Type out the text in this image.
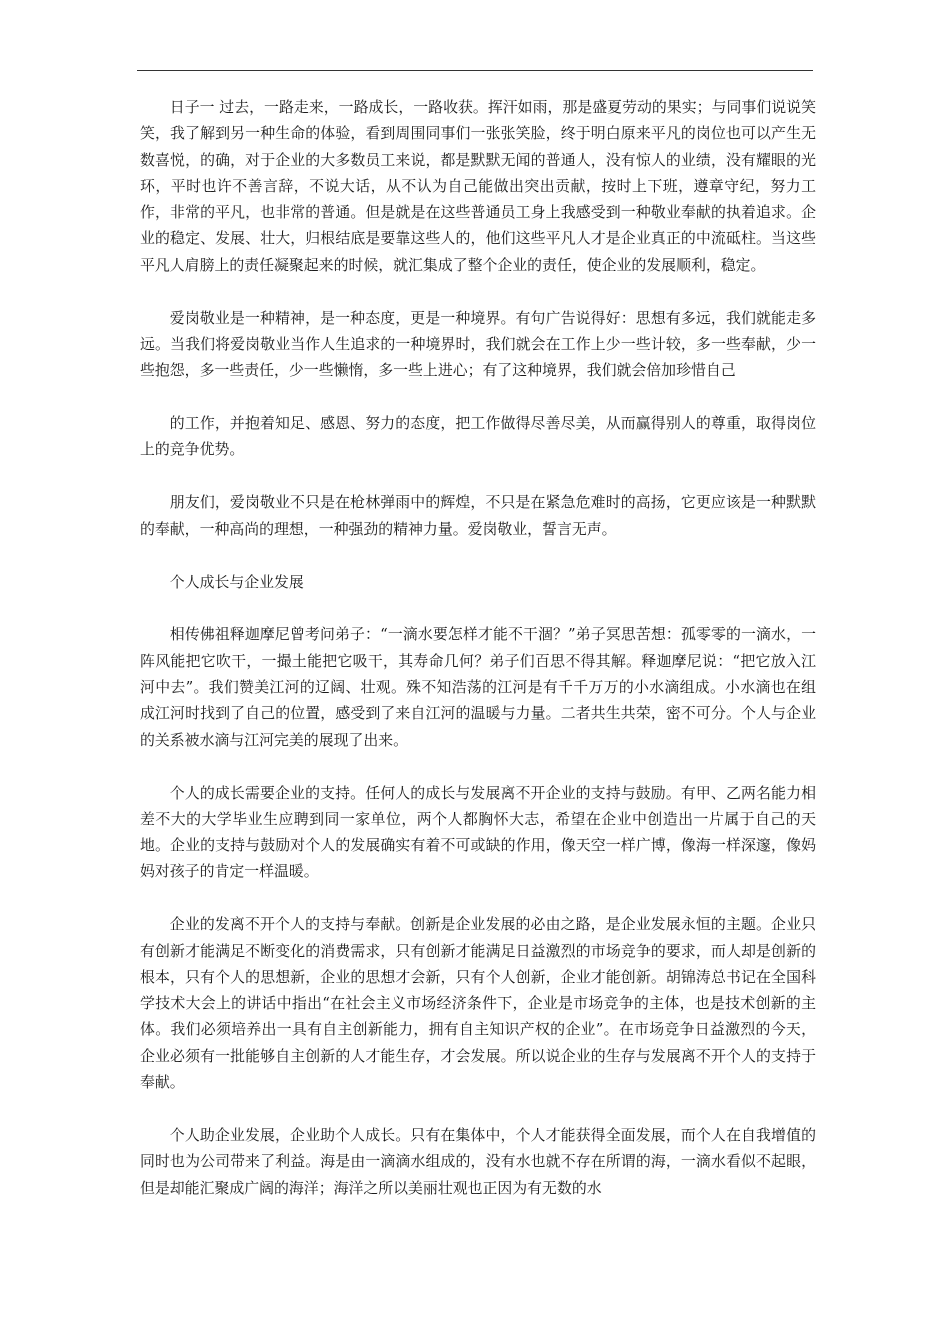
日子一 过去，一路走来，一路成长，一路收获。挥汗如雨，那是盛夏劳动的果实；与同事们说说笑笑，我了解到另一种生命的体验，看到周围同事们一张张笑脸，终于明白原来平凡的岗位也可以产生无数喜悦，的确，对于企业的大多数员工来说，都是默默无闻的普通人，没有惊人的业绩，没有耀眼的光环，平时也许不善言辞，不说大话，从不认为自己能做出突出贡献，按时上下班，遵章守纪，努力工作，非常的平凡，也非常的普通。但是就是在这些普通员工身上我感受到一种敬业奉献的执着追求。企业的稳定、发展、壮大，归根结底是要靠这些人的，他们这些平凡人才是企业真正的中流砥柱。当这些平凡人肩膀上的责任凝聚起来的时候，就汇集成了整个企业的责任，使企业的发展顺利，稳定。

爱岗敬业是一种精神，是一种态度，更是一种境界。有句广告说得好：思想有多远，我们就能走多远。当我们将爱岗敬业当作人生追求的一种境界时，我们就会在工作上少一些计较，多一些奉献，少一些抱怨，多一些责任，少一些懒惰，多一些上进心；有了这种境界，我们就会倍加珍惜自己

的工作，并抱着知足、感恩、努力的态度，把工作做得尽善尽美，从而赢得别人的尊重，取得岗位上的竞争优势。

朋友们，爱岗敬业不只是在枪林弹雨中的辉煌，不只是在紧急危难时的高扬，它更应该是一种默默的奉献，一种高尚的理想，一种强劲的精神力量。爱岗敬业，誓言无声。

个人成长与企业发展

相传佛祖释迦摩尼曾考问弟子：“一滴水要怎样才能不干涸？”弟子冥思苦想：孤零零的一滴水，一阵风能把它吹干，一撮土能把它吸干，其寿命几何？弟子们百思不得其解。释迦摩尼说：“把它放入江河中去”。我们赞美江河的辽阔、壮观。殊不知浩荡的江河是有千千万万的小水滴组成。小水滴也在组成江河时找到了自己的位置，感受到了来自江河的温暖与力量。二者共生共荣，密不可分。个人与企业的关系被水滴与江河完美的展现了出来。

个人的成长需要企业的支持。任何人的成长与发展离不开企业的支持与鼓励。有甲、乙两名能力相差不大的大学毕业生应聘到同一家单位，两个人都胸怀大志，希望在企业中创造出一片属于自己的天地。企业的支持与鼓励对个人的发展确实有着不可或缺的作用，像天空一样广博，像海一样深邃，像妈妈对孩子的肯定一样温暖。

企业的发离不开个人的支持与奉献。创新是企业发展的必由之路，是企业发展永恒的主题。企业只有创新才能满足不断变化的消费需求，只有创新才能满足日益激烈的市场竞争的要求，而人却是创新的根本，只有个人的思想新，企业的思想才会新，只有个人创新，企业才能创新。胡锦涛总书记在全国科学技术大会上的讲话中指出“在社会主义市场经济条件下，企业是市场竞争的主体，也是技术创新的主体。我们必须培养出一具有自主创新能力，拥有自主知识产权的企业”。在市场竞争日益激烈的今天，企业必须有一批能够自主创新的人才能生存，才会发展。所以说企业的生存与发展离不开个人的支持于奉献。

个人助企业发展，企业助个人成长。只有在集体中，个人才能获得全面发展，而个人在自我增值的同时也为公司带来了利益。海是由一滴滴水组成的，没有水也就不存在所谓的海，一滴水看似不起眼，但是却能汇聚成广阔的海洋；海洋之所以美丽壮观也正因为有无数的水
